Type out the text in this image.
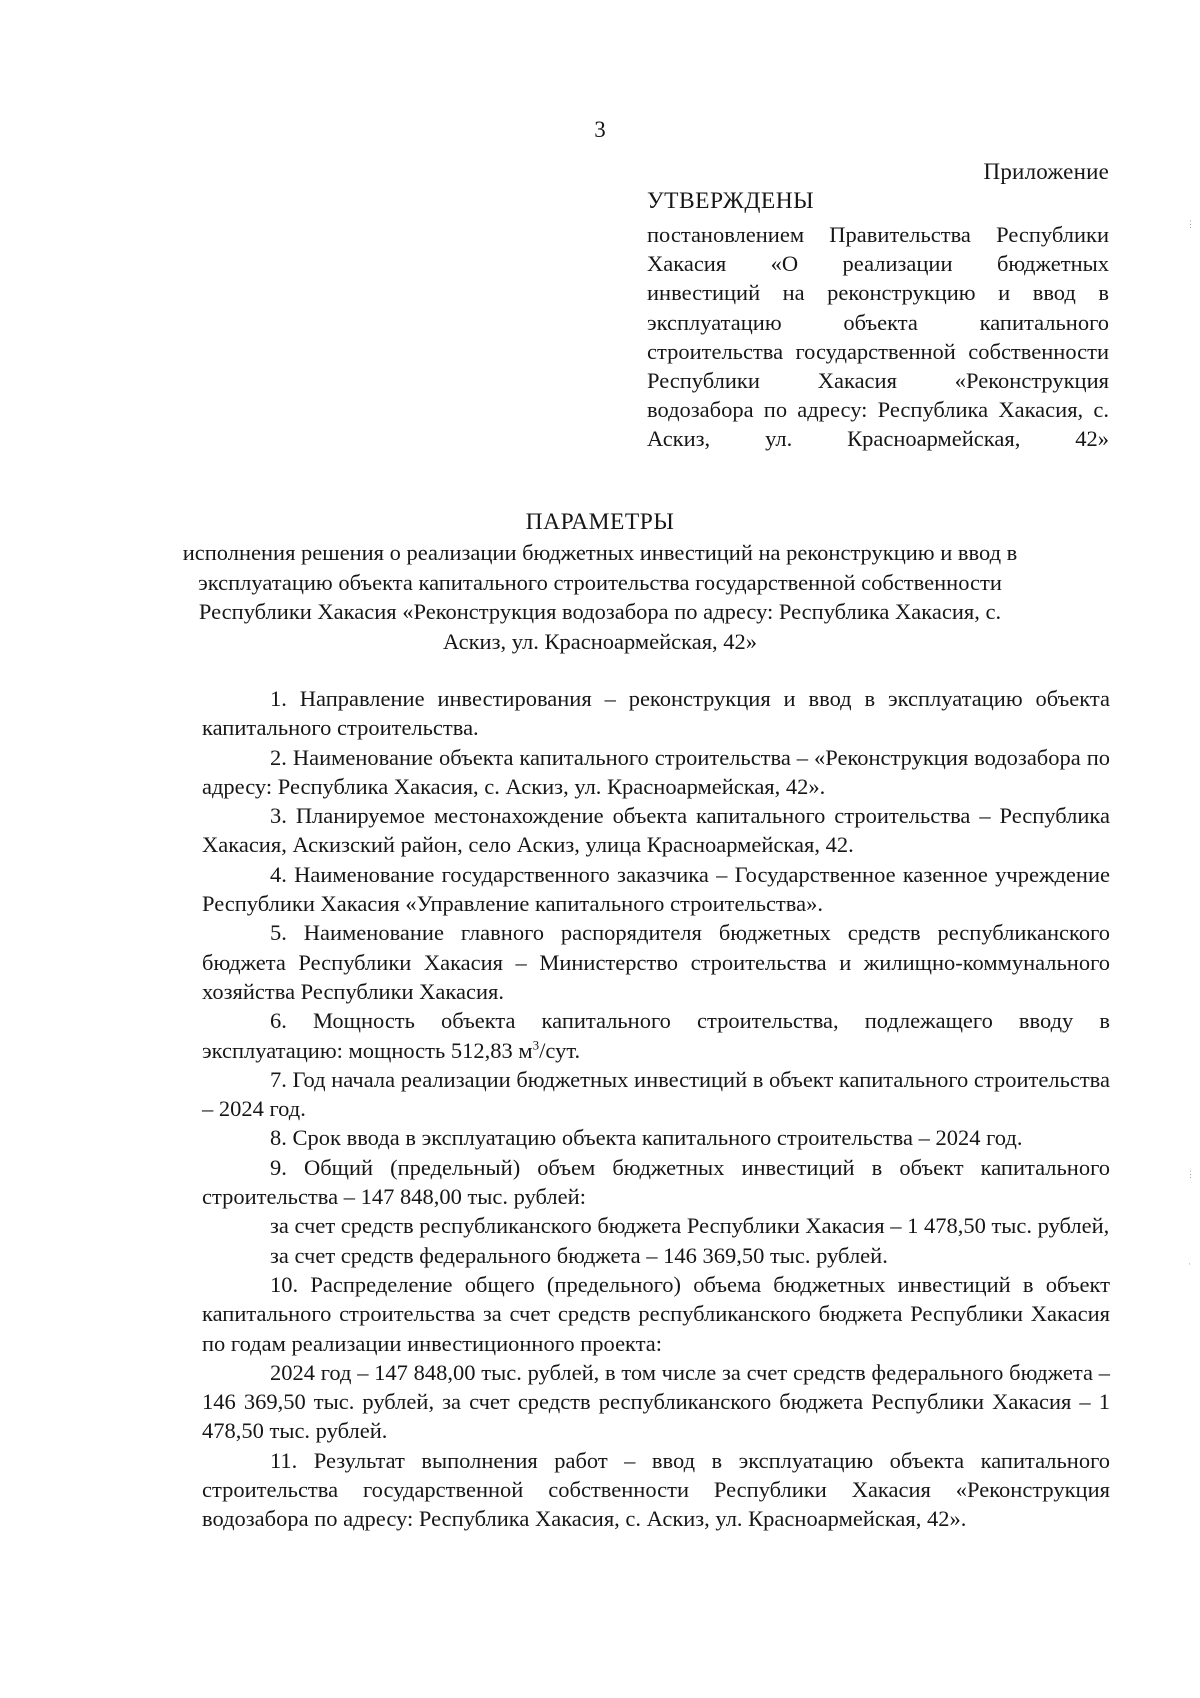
3
Приложение
УТВЕРЖДЕНЫ

постановлением Правительства Республики Хакасия «О реализации бюджетных инвестиций на реконструкцию и ввод в эксплуатацию объекта капитального строительства государственной собственности Республики Хакасия «Реконструкция водозабора по адресу: Республика Хакасия, с. Аскиз, ул. Красноармейская, 42»

ПАРАМЕТРЫ

исполнения решения о реализации бюджетных инвестиций на реконструкцию и ввод в эксплуатацию объекта капитального строительства государственной собственности Республики Хакасия «Реконструкция водозабора по адресу: Республика Хакасия, с. Аскиз, ул. Красноармейская, 42»

1. Направление инвестирования – реконструкция и ввод в эксплуатацию объекта капитального строительства.

2. Наименование объекта капитального строительства – «Реконструкция водозабора по адресу: Республика Хакасия, с. Аскиз, ул. Красноармейская, 42».

3. Планируемое местонахождение объекта капитального строительства – Республика Хакасия, Аскизский район, село Аскиз, улица Красноармейская, 42.

4. Наименование государственного заказчика – Государственное казенное учреждение Республики Хакасия «Управление капитального строительства».

5. Наименование главного распорядителя бюджетных средств республиканского бюджета Республики Хакасия – Министерство строительства и жилищно-коммунального хозяйства Республики Хакасия.

6. Мощность объекта капитального строительства, подлежащего вводу в эксплуатацию: мощность 512,83 $м^3$/сут.

7. Год начала реализации бюджетных инвестиций в объект капитального строительства – 2024 год.

8. Срок ввода в эксплуатацию объекта капитального строительства – 2024 год.

9. Общий (предельный) объем бюджетных инвестиций в объект капитального строительства – 147 848,00 тыс. рублей:

за счет средств республиканского бюджета Республики Хакасия – 1 478,50 тыс. рублей,

за счет средств федерального бюджета – 146 369,50 тыс. рублей.

10. Распределение общего (предельного) объема бюджетных инвестиций в объект капитального строительства за счет средств республиканского бюджета Республики Хакасия по годам реализации инвестиционного проекта:

2024 год – 147 848,00 тыс. рублей, в том числе за счет средств федерального бюджета – 146 369,50 тыс. рублей, за счет средств республиканского бюджета Республики Хакасия – 1 478,50 тыс. рублей.

11. Результат выполнения работ – ввод в эксплуатацию объекта капитального строительства государственной собственности Республики Хакасия «Реконструкция водозабора по адресу: Республика Хакасия, с. Аскиз, ул. Красноармейская, 42».

⋮
⋮
·
